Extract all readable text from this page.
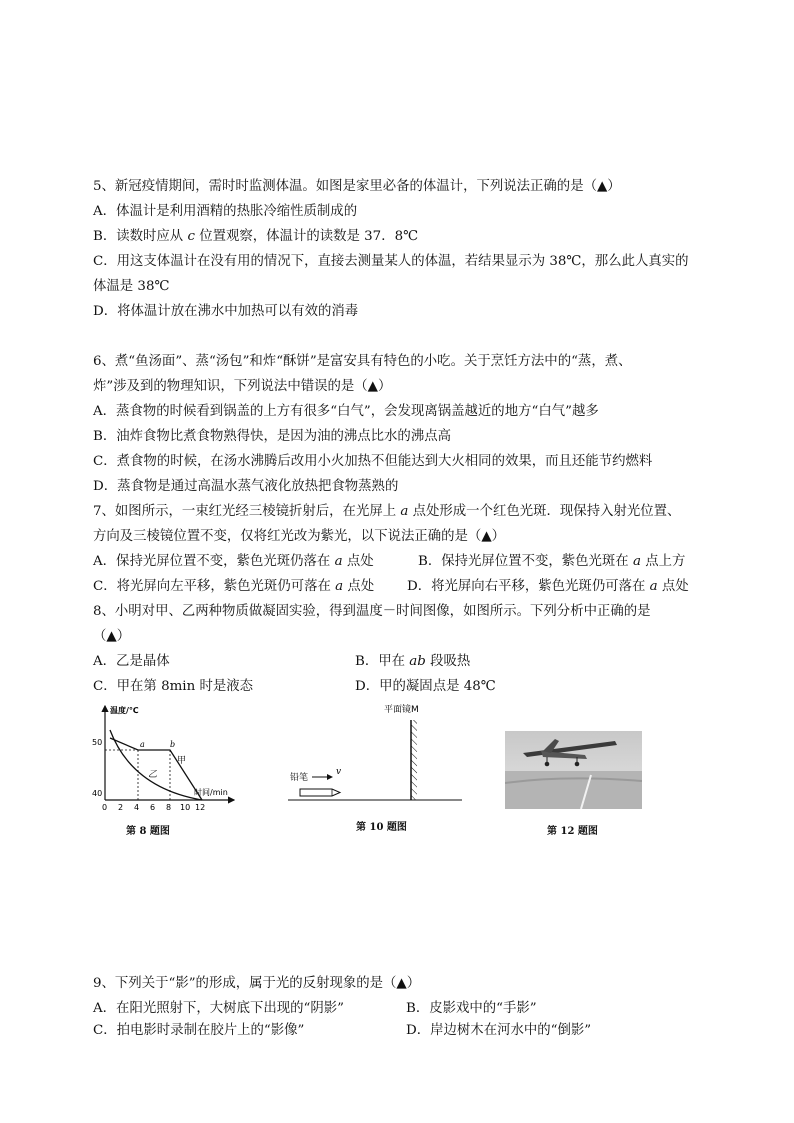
5、新冠疫情期间，需时时监测体温。如图是家里必备的体温计，下列说法正确的是（▲）
A．体温计是利用酒精的热胀冷缩性质制成的
B．读数时应从 c 位置观察，体温计的读数是 37．8℃
C．用这支体温计在没有用的情况下，直接去测量某人的体温，若结果显示为 38℃，那么此人真实的
体温是 38℃
D．将体温计放在沸水中加热可以有效的消毒
6、煮“鱼汤面”、蒸“汤包”和炸“酥饼”是富安具有特色的小吃。关于烹饪方法中的“蒸，煮、
炸”涉及到的物理知识，下列说法中错误的是（▲）
A．蒸食物的时候看到锅盖的上方有很多“白气”，会发现离锅盖越近的地方“白气”越多
B．油炸食物比煮食物熟得快，是因为油的沸点比水的沸点高
C．煮食物的时候，在汤水沸腾后改用小火加热不但能达到大火相同的效果，而且还能节约燃料
D．蒸食物是通过高温水蒸气液化放热把食物蒸熟的
7、如图所示，一束红光经三棱镜折射后，在光屏上 a 点处形成一个红色光斑．现保持入射光位置、
方向及三棱镜位置不变，仅将红光改为紫光，以下说法正确的是（▲）
A．保持光屏位置不变，紫色光斑仍落在 a 点处	B．保持光屏位置不变，紫色光斑在 a 点上方
C．将光屏向左平移，紫色光斑仍可落在 a 点处 D．将光屏向右平移，紫色光斑仍可落在 a 点处
8、小明对甲、乙两种物质做凝固实验，得到温度－时间图像，如图所示。下列分析中正确的是
（▲）
A．乙是晶体	B．甲在 ab 段吸热
C．甲在第 8min 时是液态	D．甲的凝固点是 48℃
温度/℃
时间/min
50
40
a	b
甲
乙
0 2 4 6 8 10 12
第 8 题图
平面镜M
铅笔
v
第 10 题图	第 12 题图
9、下列关于“影”的形成，属于光的反射现象的是（▲）
A．在阳光照射下，大树底下出现的“阴影”	B．皮影戏中的“手影”
C．拍电影时录制在胶片上的“影像”	D．岸边树木在河水中的“倒影”
